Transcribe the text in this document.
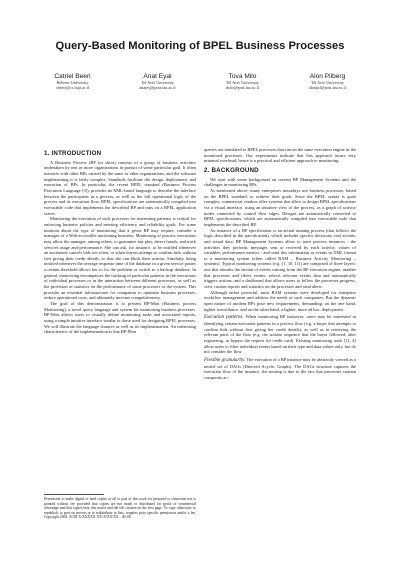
Query-Based Monitoring of BPEL Business Processes
Catriel Beeri
Hebrew University
cbeeri@cs.huji.ac.il
Anat Eyal
Tel Aviv University
anatey@post.tau.ac.il
Tova Milo
Tel Aviv University
milo@post.tau.ac.il
Alon Pilberg
Tel Aviv University
alonpil@post.tau.ac.il
1. INTRODUCTION

A Business Process (BP for short) consists of a group of business activities undertaken by one or more organizations in pursuit of some particular goal. It often interacts with other BPs carried by the same or other organizations, and the software implementing it is fairly complex. Standards facilitate the design, deployment, and execution of BPs. In particular, the recent BPEL standard (Business Process Execution Language [3]), provides an XML-based language to describe the interface between the participants in a process, as well as the full operational logic of the process and its execution flow. BPEL specifications are automatically compiled into executable code that implements the described BP and runs on a BPEL application server.

Monitoring the execution of such processes for interesting patterns is critical for enforcing business policies and meeting efficiency and reliability goals. For some intuition about the type of monitoring that a given BP may require, consider a manager of a Web-accessible auctioning business. Monitoring of process executions may allow the manager, among others, to guarantee fair play, detect frauds, and track services usage and performance. She can ask, for instance, to be notified whenever an auctioneer cancels bids too often, or when buyers attempt to confirm bids without first giving their credit details, so that she can block their actions. Similarly, being notified whenever the average response time of the database in a given service passes a certain threshold allows her to fix the problem or switch to a backup database. In general, monitoring encompasses the tracking of particular patterns in the executions of individual processes or in the interaction between different processes, as well as the provision of statistics on the performance of some processes or the system. This provides an essential infrastructure for companies to optimize business processes, reduce operational costs, and ultimately increase competitiveness.

The goal of this demonstration is to present BP-Mon (Business process Monitoring), a novel query language and system for monitoring business processes. BP-Mon allows users to visually define monitoring tasks and associated reports, using a simple intuitive interface similar to those used for designing BPEL processes. We will illustrate the language features as well as its implementation. An interesting characteristic of the implementation is that BP-Mon

Permission to make digital or hard copies of all or part of this work for personal or classroom use is granted without fee provided that copies are not made or distributed for profit or commercial advantage and that copies bear this notice and the full citation on the first page. To copy otherwise, to republish, to post on servers or to redistribute to lists, requires prior specific permission and/or a fee. Copyright 2003. ACM X-XXXXX-XX-X/XX/XX ...$5.00.

queries are translated to BPEL processes that run on the same execution engine as the monitored processes. Our experiments indicate that this approach incurs very minimal overhead, hence is a practical and efficient approach to monitoring.

2. BACKGROUND

We start with some background on current BP Management Systems and the challenges in monitoring BPs.

As mentioned above, many enterprises nowadays use business processes, based on the BPEL standard, to achieve their goals. Since the BPEL syntax is quite complex, commercial vendors offer systems that allow to design BPEL specifications via a visual interface, using an intuitive view of the process, as a graph of activity nodes connected by control flow edges. Designs are automatically converted to BPEL specifications, which are automatically compiled into executable code that implements the described BP.

An instance of a BP specification is an actual running process (that follows the logic described in the specification), which includes specific decisions, real actions, and actual data. BP Management Systems allow to trace process instances - the activities they perform, messages sent or received by each activity, values of variables, performance metrics - and send this information as events in XML format to a monitoring system (often called BAM – Business Activity Monitoring – systems). Typical monitoring systems (e.g. [1, 10, 11]) are composed of three layers: one that absorbs the stream of events coming from the BP execution engine; another that processes and filters events, selects relevant events data and automatically triggers actions; and a dashboard that allows users to follow the processes progress, view custom reports and statistics on the processes and send alerts.

Although rather powerful, most BAM systems were developed for enterprise workflow management and address the needs of such companies. But the dynamic open nature of modern BPs pose new requirements, demanding, on the one hand, tighter surveillance, and on the other hand, a lighter, more ad hoc, deployment.

Execution patterns. When monitoring BP instances, users may be interested in identifying certain execution patterns in a process flow (e.g. a buyer that attempts to confirm bids without first giving her credit details), as well as in retrieving the relevant parts of the flow (e.g. the actions sequence that the buyer followed, after registering, to bypass the request for credit card). Existing monitoring tools [11, 4] allow users to filter individual events based on their type and data values only, but do not consider the flow.

Flexible granularity. The execution of a BP instance may be abstractly viewed as a nested set of DAGs (Directed Acyclic Graphs). The DAGs structure captures the execution flow of the instance, the nesting is due to the fact that processes contain composite ac-
